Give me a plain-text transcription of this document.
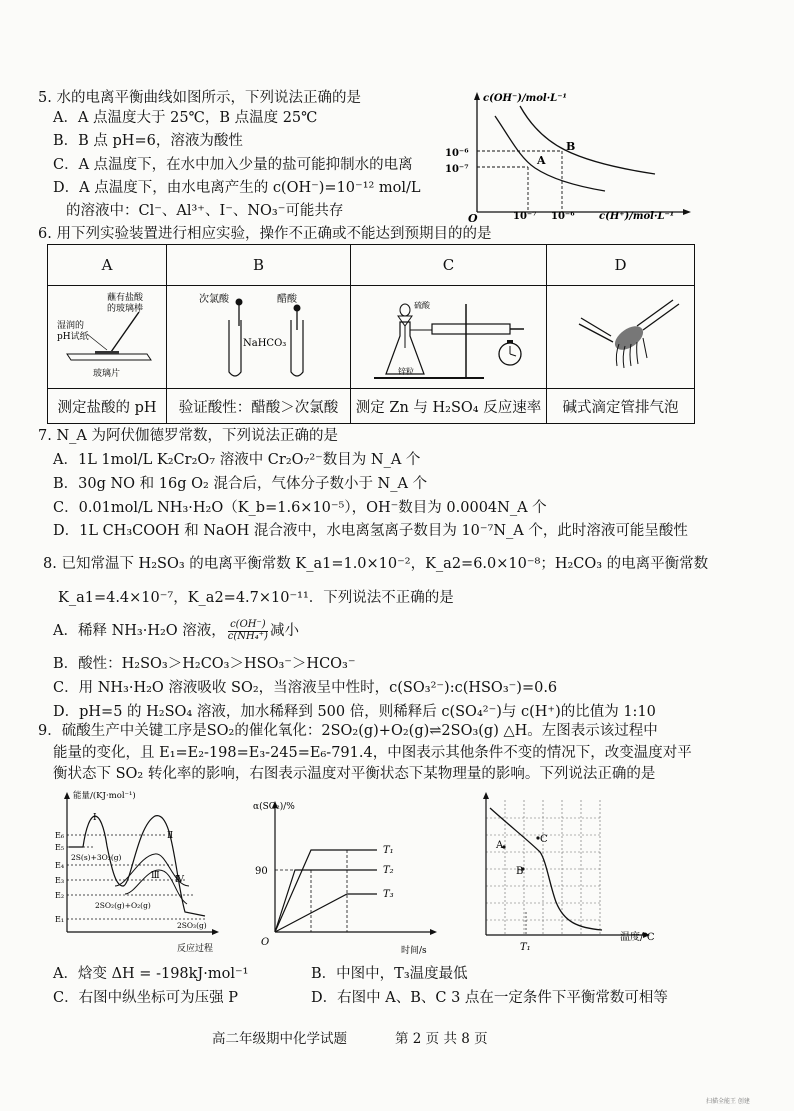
5. 水的电离平衡曲线如图所示，下列说法正确的是
A．A 点温度大于 25℃，B 点温度 25℃
B．B 点 pH=6，溶液为酸性
C．A 点温度下，在水中加入少量的盐可能抑制水的电离
D．A 点温度下，由水电离产生的 c(OH⁻)=10⁻¹² mol/L
的溶液中：Cl⁻、Al³⁺、I⁻、NO₃⁻可能共存
c(OH⁻)/mol·L⁻¹
c(H⁺)/mol·L⁻¹
O
10⁻⁶
10⁻⁷
10⁻⁷ 10⁻⁶
A
B
6. 用下列实验装置进行相应实验，操作不正确或不能达到预期目的的是
A	B	C	D

蘸有盐酸
的玻璃棒
湿润的
pH试纸
玻璃片	次氯酸 醋酸
NaHCO₃	硫酸
锌粒

测定盐酸的 pH	验证酸性：醋酸＞次氯酸	测定 Zn 与 H₂SO₄ 反应速率	碱式滴定管排气泡
7. N_A 为阿伏伽德罗常数，下列说法正确的是
A．1L 1mol/L K₂Cr₂O₇ 溶液中 Cr₂O₇²⁻数目为 N_A 个
B．30g NO 和 16g O₂ 混合后，气体分子数小于 N_A 个
C．0.01mol/L NH₃·H₂O（K_b=1.6×10⁻⁵），OH⁻数目为 0.0004N_A 个
D．1L CH₃COOH 和 NaOH 混合液中，水电离氢离子数目为 10⁻⁷N_A 个，此时溶液可能呈酸性
8. 已知常温下 H₂SO₃ 的电离平衡常数 K_a1=1.0×10⁻²，K_a2=6.0×10⁻⁸；H₂CO₃ 的电离平衡常数
K_a1=4.4×10⁻⁷，K_a2=4.7×10⁻¹¹．下列说法不正确的是
A．稀释 NH₃·H₂O 溶液， $\frac{c(OH^-)}{\text{c(NH₄⁺)}}$ 减小
B．酸性：H₂SO₃＞H₂CO₃＞HSO₃⁻＞HCO₃⁻
C．用 NH₃·H₂O 溶液吸收 SO₂，当溶液呈中性时，c(SO₃²⁻):c(HSO₃⁻)=0.6
D．pH=5 的 H₂SO₄ 溶液，加水稀释到 500 倍，则稀释后 c(SO₄²⁻)与 c(H⁺)的比值为 1:10
9．硫酸生产中关键工序是SO₂的催化氧化：2SO₂(g)+O₂(g)⇌2SO₃(g) △H。左图表示该过程中
能量的变化，且 E₁=E₂-198=E₃-245=E₆-791.4，中图表示其他条件不变的情况下，改变温度对平
衡状态下 SO₂ 转化率的影响，右图表示温度对平衡状态下某物理量的影响。下列说法正确的是
能量/(KJ·mol⁻¹)
反应过程
E₆
E₅
E₄
E₃
E₂
E₁
Ⅰ
Ⅱ
Ⅲ Ⅳ
2S(s)+3O₂(g)
2SO₂(g)+O₂(g)
2SO₃(g)
α(SO₂)/%
时间/s
O
90
T₁
T₂
T₃
A
B
C
T₁
温度/℃
A．焓变 ΔH = -198kJ·mol⁻¹	B．中图中，T₃温度最低
C．右图中纵坐标可为压强 P	D．右图中 A、B、C 3 点在一定条件下平衡常数可相等
高二年级期中化学试题	第 2 页 共 8 页
扫描全能王 创建
